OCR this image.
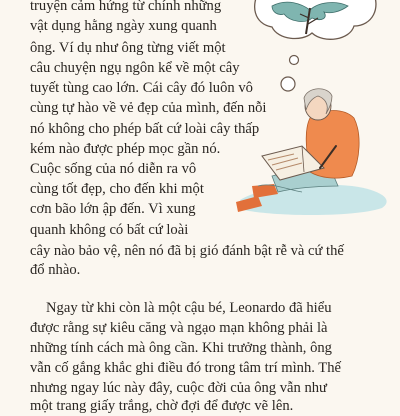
truyện cảm hứng từ chính những
vật dụng hằng ngày xung quanh
ông. Ví dụ như ông từng viết một
câu chuyện ngụ ngôn kể về một cây
tuyết tùng cao lớn. Cái cây đó luôn vô
cùng tự hào về vẻ đẹp của mình, đến nỗi
nó không cho phép bất cứ loài cây thấp
kém nào được phép mọc gần nó.
Cuộc sống của nó diễn ra vô
cùng tốt đẹp, cho đến khi một
cơn bão lớn ập đến. Vì xung
quanh không có bất cứ loài
cây nào bảo vệ, nên nó đã bị gió đánh bật rễ và cứ thế
đổ nhào.
Ngay từ khi còn là một cậu bé, Leonardo đã hiểu
được rằng sự kiêu căng và ngạo mạn không phải là
những tính cách mà ông cần. Khi trưởng thành, ông
vẫn cố gắng khắc ghi điều đó trong tâm trí mình. Thế
nhưng ngay lúc này đây, cuộc đời của ông vẫn như
một trang giấy trắng, chờ đợi để được vẽ lên.
